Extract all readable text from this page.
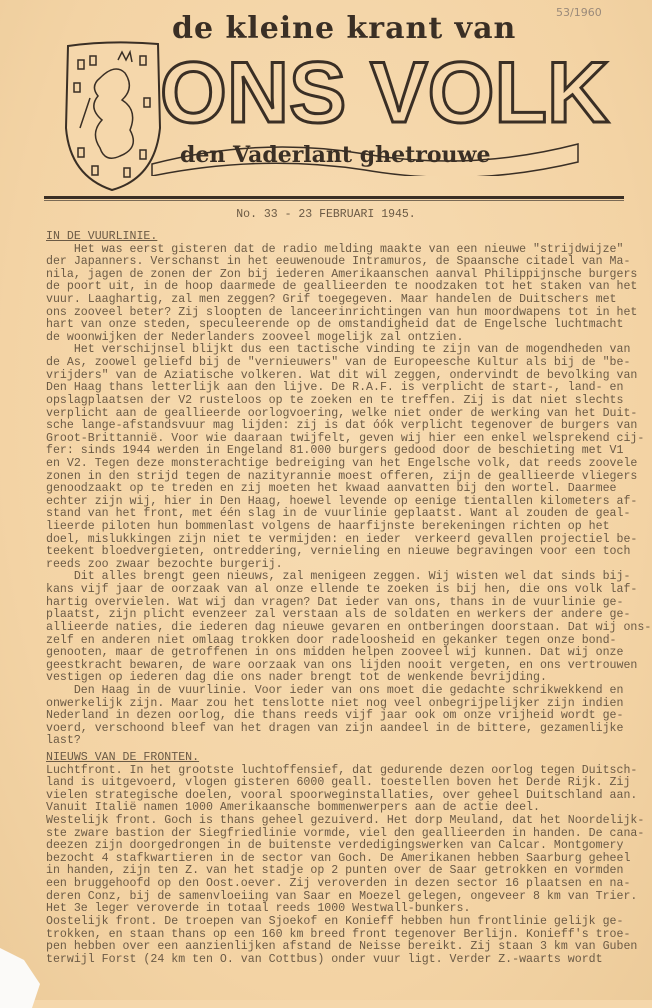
de kleine krant van
ONS VOLK
den Vaderlant ghetrouwe
53/1960
No. 33 - 23 FEBRUARI 1945.
IN DE VUURLINIE.
Het was eerst gisteren dat de radio melding maakte van een nieuwe "strijdwijze"
der Japanners. Verschanst in het eeuwenoude Intramuros, de Spaansche citadel van Ma-
nila, jagen de zonen der Zon bij iederen Amerikaanschen aanval Philippijnsche burgers
de poort uit, in de hoop daarmede de geallieerden te noodzaken tot het staken van het
vuur. Laaghartig, zal men zeggen? Grif toegegeven. Maar handelen de Duitschers met
ons zooveel beter? Zij sloopten de lanceerinrichtingen van hun moordwapens tot in het
hart van onze steden, speculeerende op de omstandigheid dat de Engelsche luchtmacht
de woonwijken der Nederlanders zooveel mogelijk zal ontzien.
Het verschijnsel blijkt dus een tactische vinding te zijn van de mogendheden van
de As, zoowel geliefd bij de "vernieuwers" van de Europeesche Kultur als bij de "be-
vrijders" van de Aziatische volkeren. Wat dit wil zeggen, ondervindt de bevolking van
Den Haag thans letterlijk aan den lijve. De R.A.F. is verplicht de start-, land- en
opslagplaatsen der V2 rusteloos op te zoeken en te treffen. Zij is dat niet slechts
verplicht aan de geallieerde oorlogvoering, welke niet onder de werking van het Duit-
sche lange-afstandsvuur mag lijden: zij is dat óók verplicht tegenover de burgers van
Groot-Brittannië. Voor wie daaraan twijfelt, geven wij hier een enkel welsprekend cij-
fer: sinds 1944 werden in Engeland 81.000 burgers gedood door de beschieting met V1
en V2. Tegen deze monsterachtige bedreiging van het Engelsche volk, dat reeds zoovele
zonen in den strijd tegen de nazityrannie moest offeren, zijn de geallieerde vliegers
genoodzaakt op te treden en zij moeten het kwaad aanvatten bij den wortel. Daarmee
echter zijn wij, hier in Den Haag, hoewel levende op eenige tientallen kilometers af-
stand van het front, met één slag in de vuurlinie geplaatst. Want al zouden de geal-
lieerde piloten hun bommenlast volgens de haarfijnste berekeningen richten op het
doel, mislukkingen zijn niet te vermijden: en ieder  verkeerd gevallen projectiel be-
teekent bloedvergieten, ontreddering, vernieling en nieuwe begravingen voor een toch
reeds zoo zwaar bezochte burgerij.
Dit alles brengt geen nieuws, zal menigeen zeggen. Wij wisten wel dat sinds bij-
kans vijf jaar de oorzaak van al onze ellende te zoeken is bij hen, die ons volk laf-
hartig overvielen. Wat wij dan vragen? Dat ieder van ons, thans in de vuurlinie ge-
plaatst, zijn plicht evenzeer zal verstaan als de soldaten en werkers der andere ge-
allieerde naties, die iederen dag nieuwe gevaren en ontberingen doorstaan. Dat wij ons-
zelf en anderen niet omlaag trokken door radeloosheid en gekanker tegen onze bond-
genooten, maar de getroffenen in ons midden helpen zooveel wij kunnen. Dat wij onze
geestkracht bewaren, de ware oorzaak van ons lijden nooit vergeten, en ons vertrouwen
vestigen op iederen dag die ons nader brengt tot de wenkende bevrijding.
Den Haag in de vuurlinie. Voor ieder van ons moet die gedachte schrikwekkend en
onwerkelijk zijn. Maar zou het tenslotte niet nog veel onbegrijpelijker zijn indien
Nederland in dezen oorlog, die thans reeds vijf jaar ook om onze vrijheid wordt ge-
voerd, verschoond bleef van het dragen van zijn aandeel in de bittere, gezamenlijke
last?
NIEUWS VAN DE FRONTEN.
Luchtfront. In het grootste luchtoffensief, dat gedurende dezen oorlog tegen Duitsch-
land is uitgevoerd, vlogen gisteren 6000 geall. toestellen boven het Derde Rijk. Zij
vielen strategische doelen, vooral spoorweginstallaties, over geheel Duitschland aan.
Vanuit Italië namen 1000 Amerikaansche bommenwerpers aan de actie deel.
Westelijk front. Goch is thans geheel gezuiverd. Het dorp Meuland, dat het Noordelijk-
ste zware bastion der Siegfriedlinie vormde, viel den geallieerden in handen. De cana-
deezen zijn doorgedrongen in de buitenste verdedigingswerken van Calcar. Montgomery
bezocht 4 stafkwartieren in de sector van Goch. De Amerikanen hebben Saarburg geheel
in handen, zijn ten Z. van het stadje op 2 punten over de Saar getrokken en vormden
een bruggehoofd op den Oost.oever. Zij veroverden in dezen sector 16 plaatsen en na-
deren Conz, bij de samenvloeiing van Saar en Moezel gelegen, ongeveer 8 km van Trier.
Het 3e leger veroverde in totaal reeds 1000 Westwall-bunkers.
Oostelijk front. De troepen van Sjoekof en Konieff hebben hun frontlinie gelijk ge-
trokken, en staan thans op een 160 km breed front tegenover Berlijn. Konieff's troe-
pen hebben over een aanzienlijken afstand de Neisse bereikt. Zij staan 3 km van Guben
terwijl Forst (24 km ten O. van Cottbus) onder vuur ligt. Verder Z.-waarts wordt
